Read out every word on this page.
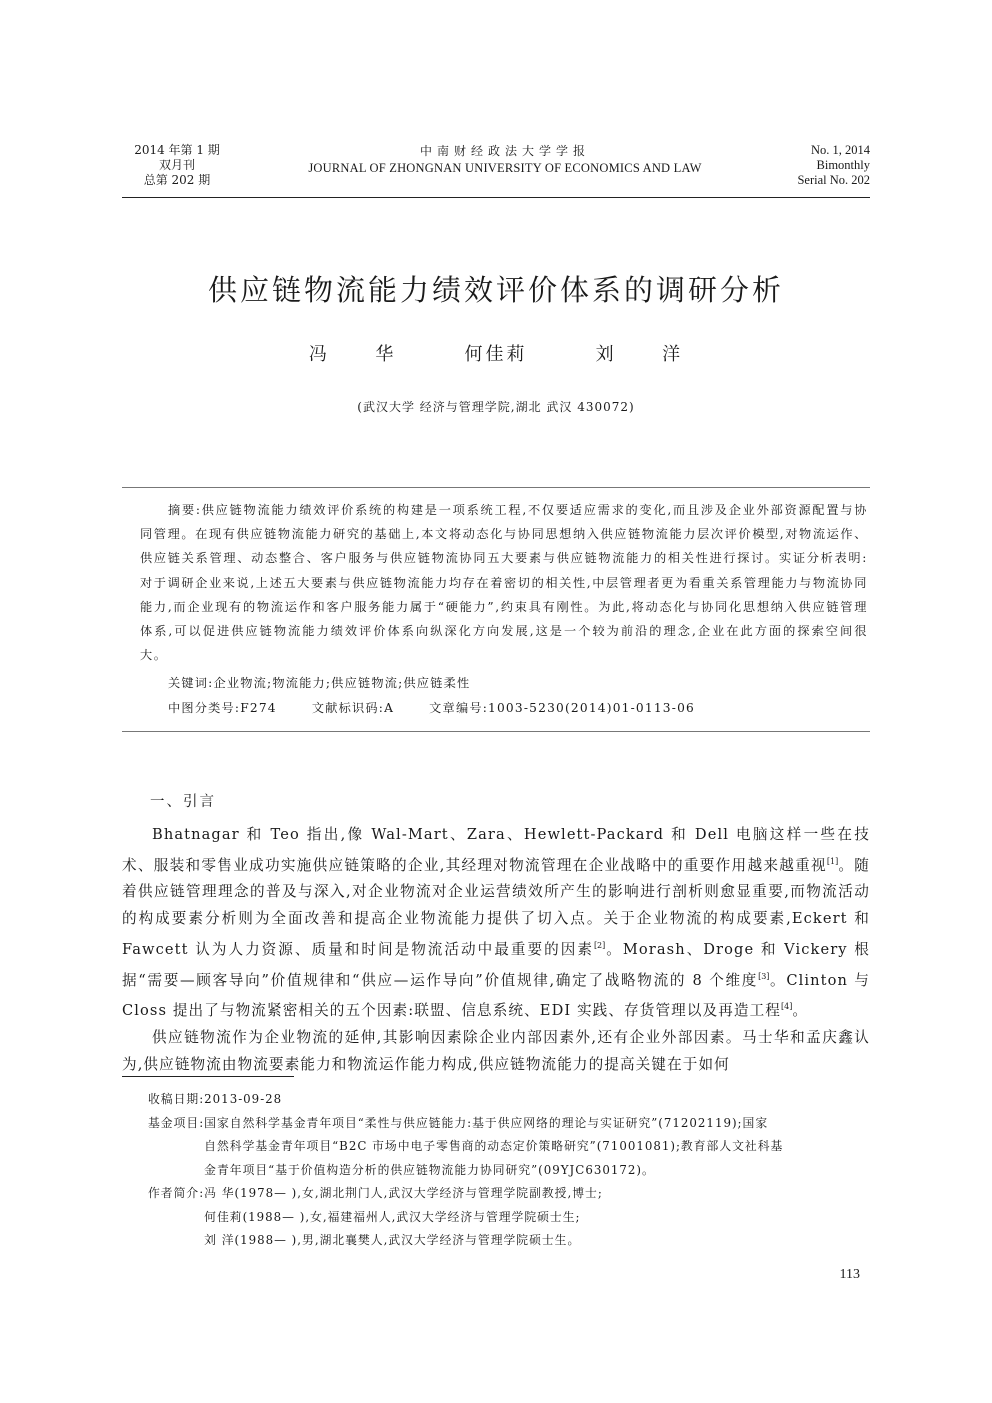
2014 年第 1 期
双月刊
总第 202 期
中南财经政法大学学报
JOURNAL OF ZHONGNAN UNIVERSITY OF ECONOMICS AND LAW
No. 1, 2014
Bimonthly
Serial No. 202
供应链物流能力绩效评价体系的调研分析
冯  华   何佳莉   刘  洋
(武汉大学 经济与管理学院,湖北 武汉 430072)

摘要:供应链物流能力绩效评价系统的构建是一项系统工程,不仅要适应需求的变化,而且涉及企业外部资源配置与协同管理。在现有供应链物流能力研究的基础上,本文将动态化与协同思想纳入供应链物流能力层次评价模型,对物流运作、供应链关系管理、动态整合、客户服务与供应链物流协同五大要素与供应链物流能力的相关性进行探讨。实证分析表明:对于调研企业来说,上述五大要素与供应链物流能力均存在着密切的相关性,中层管理者更为看重关系管理能力与物流协同能力,而企业现有的物流运作和客户服务能力属于“硬能力”,约束具有刚性。为此,将动态化与协同化思想纳入供应链管理体系,可以促进供应链物流能力绩效评价体系向纵深化方向发展,这是一个较为前沿的理念,企业在此方面的探索空间很大。

关键词:企业物流;物流能力;供应链物流;供应链柔性
中图分类号:F274	文献标识码:A	文章编号:1003-5230(2014)01-0113-06
一、引言

Bhatnagar 和 Teo 指出,像 Wal-Mart、Zara、Hewlett-Packard 和 Dell 电脑这样一些在技术、服装和零售业成功实施供应链策略的企业,其经理对物流管理在企业战略中的重要作用越来越重视[1]。随着供应链管理理念的普及与深入,对企业物流对企业运营绩效所产生的影响进行剖析则愈显重要,而物流活动的构成要素分析则为全面改善和提高企业物流能力提供了切入点。关于企业物流的构成要素,Eckert 和 Fawcett 认为人力资源、质量和时间是物流活动中最重要的因素[2]。Morash、Droge 和 Vickery 根据“需要—顾客导向”价值规律和“供应—运作导向”价值规律,确定了战略物流的 8 个维度[3]。Clinton 与 Closs 提出了与物流紧密相关的五个因素:联盟、信息系统、EDI 实践、存货管理以及再造工程[4]。

供应链物流作为企业物流的延伸,其影响因素除企业内部因素外,还有企业外部因素。马士华和孟庆鑫认为,供应链物流由物流要素能力和物流运作能力构成,供应链物流能力的提高关键在于如何

收稿日期: 2013-09-28
基金项目: 国家自然科学基金青年项目“柔性与供应链能力:基于供应网络的理论与实证研究”(71202119);国家
自然科学基金青年项目“B2C 市场中电子零售商的动态定价策略研究”(71001081);教育部人文社科基
金青年项目“基于价值构造分析的供应链物流能力协同研究”(09YJC630172)。
作者简介: 冯 华(1978— ),女,湖北荆门人,武汉大学经济与管理学院副教授,博士;
何佳莉(1988— ),女,福建福州人,武汉大学经济与管理学院硕士生;
刘 洋(1988— ),男,湖北襄樊人,武汉大学经济与管理学院硕士生。
113
